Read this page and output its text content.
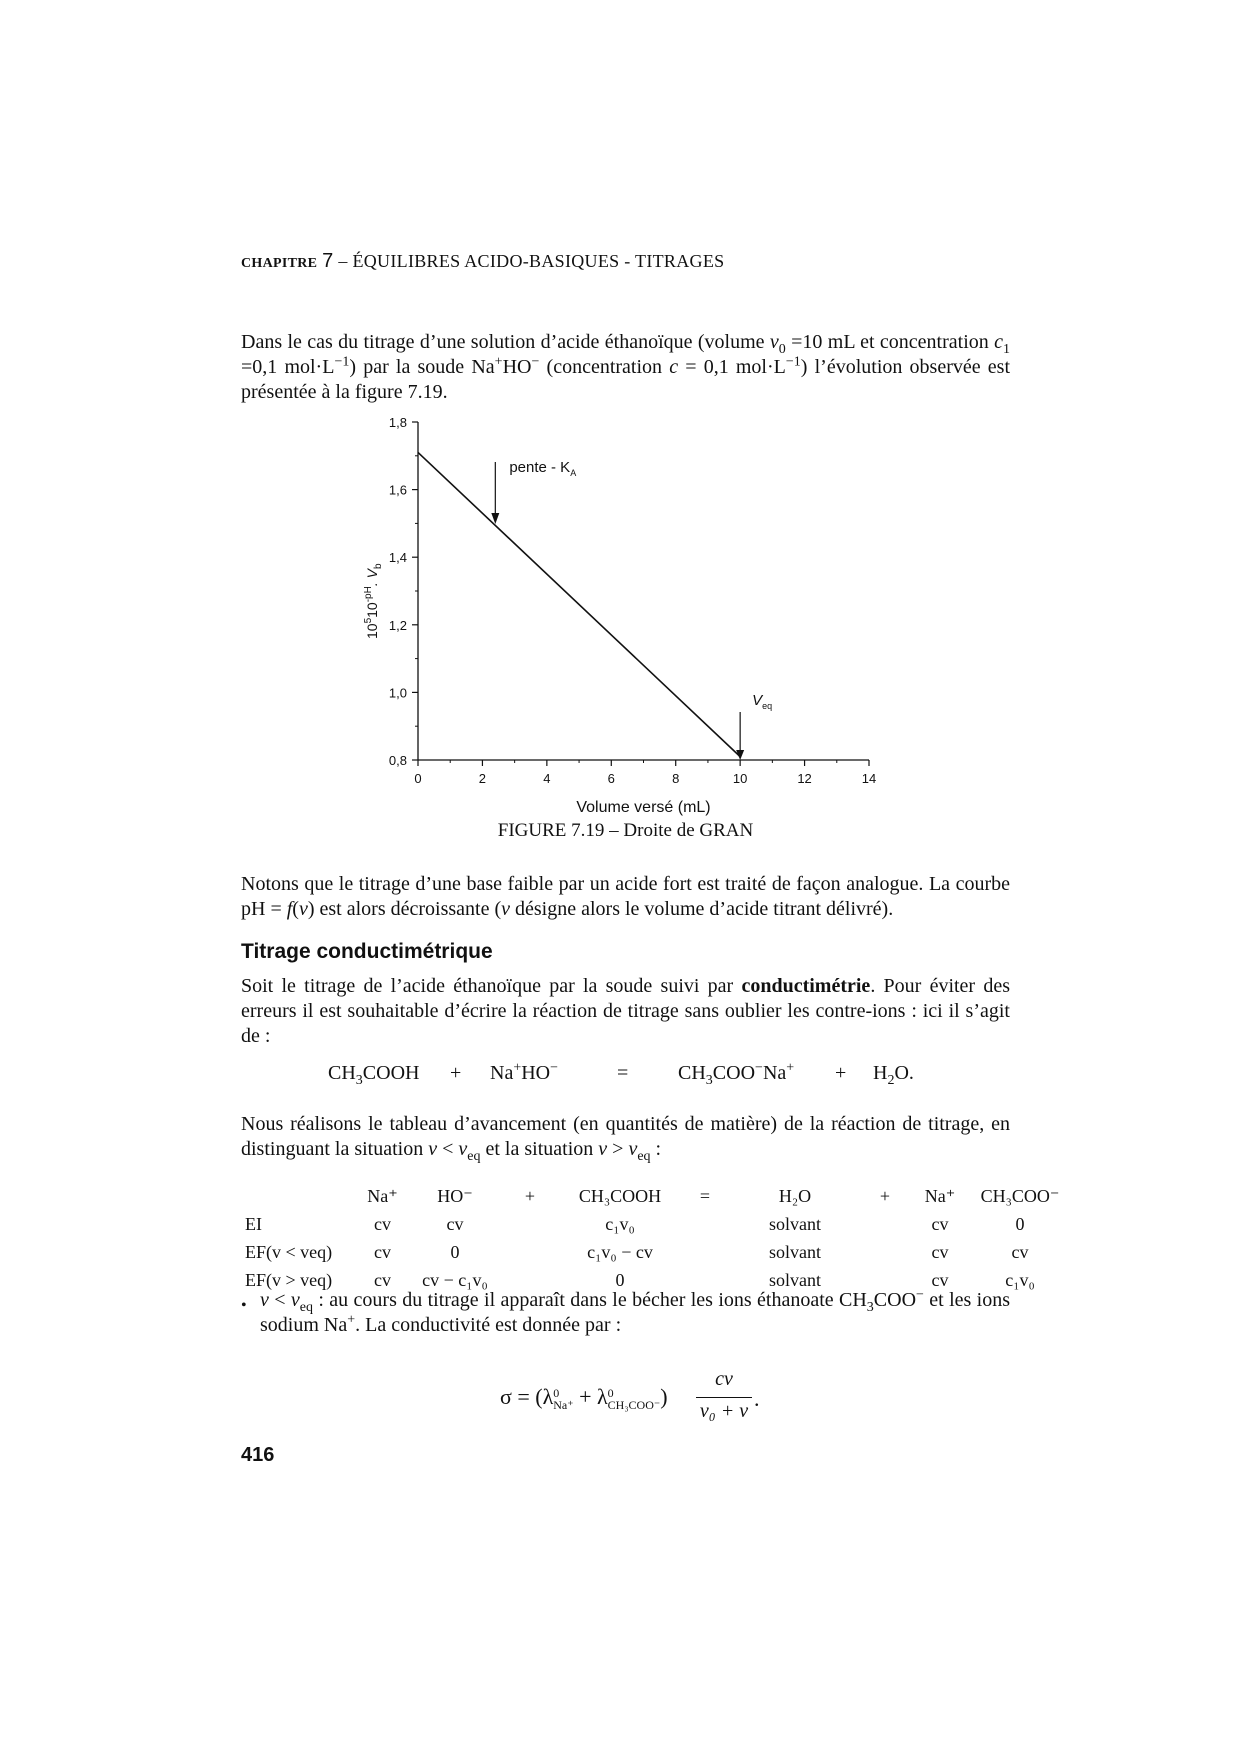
CHAPITRE 7 – ÉQUILIBRES ACIDO-BASIQUES - TITRAGES

Dans le cas du titrage d’une solution d’acide éthanoïque (volume $v_0 =10$ mL et concentration $c_1 =0,1$ $mol\cdot L^{-1}$) par la soude Na+HO− (concentration c = 0,1 $mol\cdot L^{-1}$) l’évolution observée est présentée à la figure 7.19.

0	2	4	6	8	10	12	14
0,8
1,0
1,2
1,4
1,6
1,8
Volume versé (mL)
$10^510^{-pH}$. $V_b$
pente - $K_A$
$V_{eq}$
FIGURE 7.19 – Droite de GRAN

Notons que le titrage d’une base faible par un acide fort est traité de façon analogue. La courbe pH = f(v) est alors décroissante (v désigne alors le volume d’acide titrant délivré).

Titrage conductimétrique

Soit le titrage de l’acide éthanoïque par la soude suivi par conductimétrie. Pour éviter des erreurs il est souhaitable d’écrire la réaction de titrage sans oublier les contre-ions : ici il s’agit de :

$CH_3COOH + Na^+HO^-$	= $CH_3COO^-Na^+ + H_2O$.

Nous réalisons le tableau d’avancement (en quantités de matière) de la réaction de titrage, en distinguant la situation $v < v_{eq}$ et la situation $v > v_{eq}$ :

	Na⁺	HO⁻	+	CH₃COOH	=	H₂O	+	Na⁺	CH₃COO⁻
EI	cv	cv		c₁v₀		solvant		cv	0
EF(v < veq)	cv	0		c₁v₀ − cv		solvant		cv	cv
EF(v > veq)	cv	cv − c₁v₀		0		solvant		cv	c₁v₀
• $v < v_{eq}$ : au cours du titrage il apparaît dans le bécher les ions éthanoate $CH_3COO^-$ et les ions sodium Na+. La conductivité est donnée par :

σ = (λ 0
Na⁺ + λ 0
CH₃COO⁻ )
cv
v₀ + v .
416
